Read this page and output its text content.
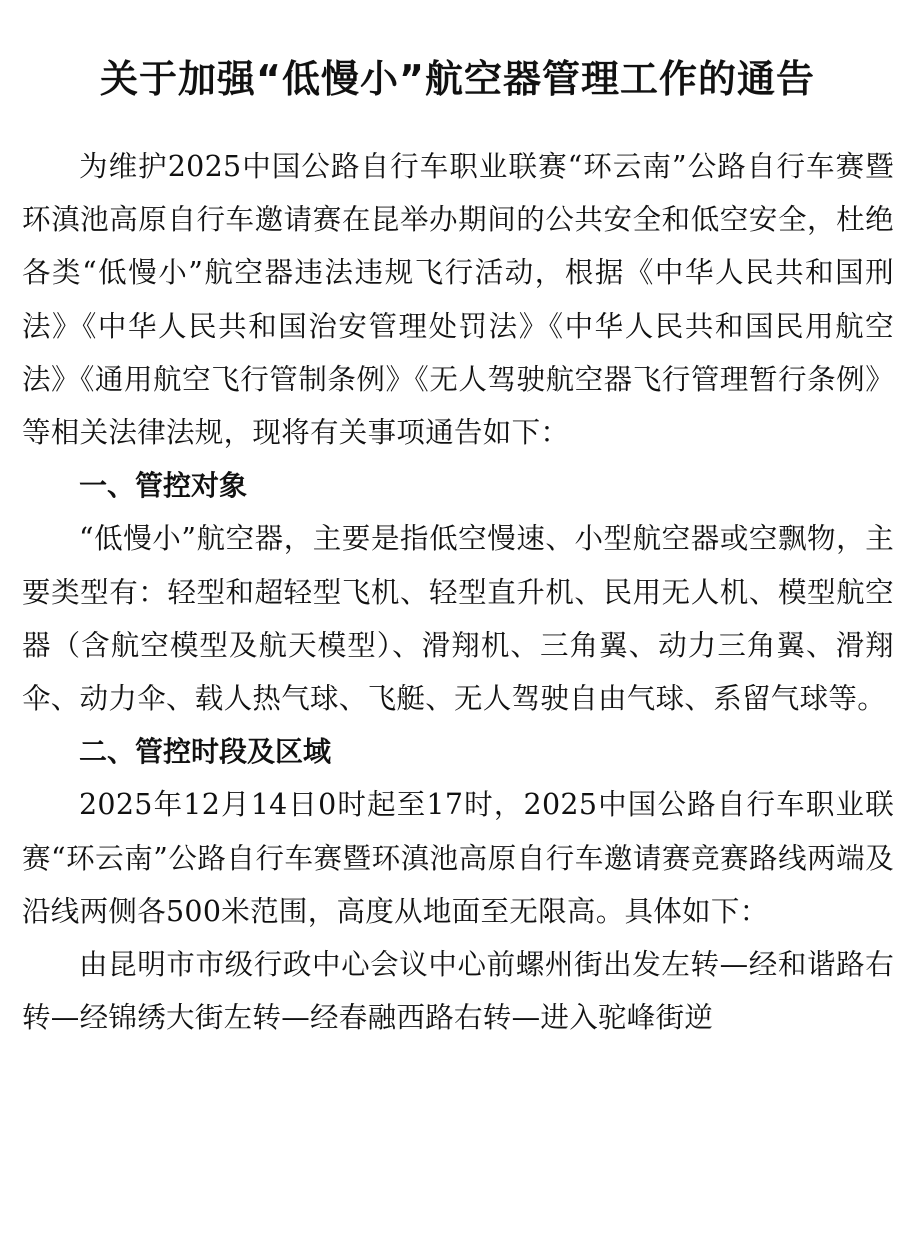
关于加强“低慢小”航空器管理工作的通告

为维护2025中国公路自行车职业联赛“环云南”公路自行车赛暨环滇池高原自行车邀请赛在昆举办期间的公共安全和低空安全，杜绝各类“低慢小”航空器违法违规飞行活动，根据《中华人民共和国刑法》《中华人民共和国治安管理处罚法》《中华人民共和国民用航空法》《通用航空飞行管制条例》《无人驾驶航空器飞行管理暂行条例》等相关法律法规，现将有关事项通告如下：

一、管控对象

“低慢小”航空器，主要是指低空慢速、小型航空器或空飘物，主要类型有：轻型和超轻型飞机、轻型直升机、民用无人机、模型航空器（含航空模型及航天模型）、滑翔机、三角翼、动力三角翼、滑翔伞、动力伞、载人热气球、飞艇、无人驾驶自由气球、系留气球等。

二、管控时段及区域

2025年12月14日0时起至17时，2025中国公路自行车职业联赛“环云南”公路自行车赛暨环滇池高原自行车邀请赛竞赛路线两端及沿线两侧各500米范围，高度从地面至无限高。具体如下：

由昆明市市级行政中心会议中心前螺州街出发左转—经和谐路右转—经锦绣大街左转—经春融西路右转—进入驼峰街逆
